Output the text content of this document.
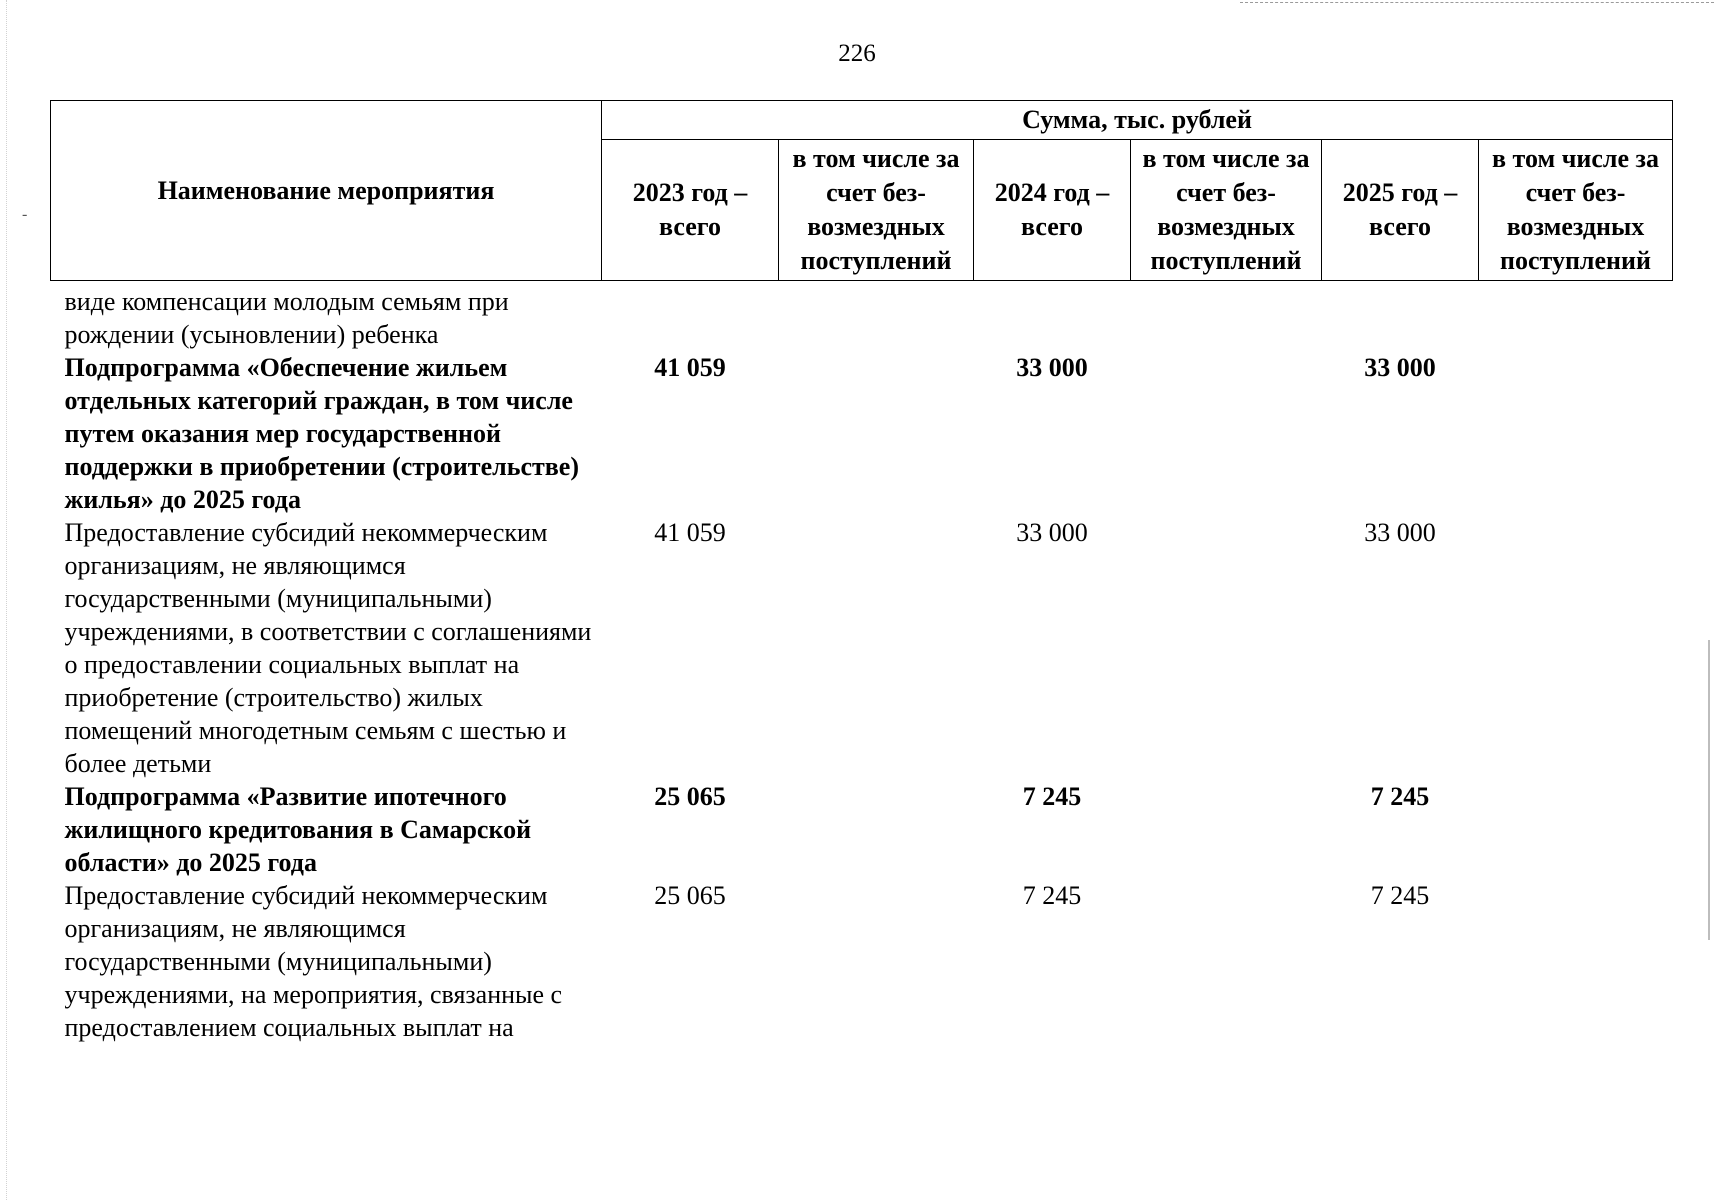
-
226
Наименование мероприятия	Сумма, тыс. рублей					
	2023 год – всего	в том числе за счет без-возмездных поступлений	2024 год – всего	в том числе за счет без-возмездных поступлений	2025 год – всего	в том числе за счет без-возмездных поступлений
виде компенсации молодым семьям при рождении (усыновлении) ребенка						
Подпрограмма «Обеспечение жильем отдельных категорий граждан, в том числе путем оказания мер государственной поддержки в приобретении (строительстве) жилья» до 2025 года	41 059		33 000		33 000	
Предоставление субсидий некоммерческим организациям, не являющимся государственными (муниципальными) учреждениями, в соответствии с соглашениями о предоставлении социальных выплат на приобретение (строительство) жилых помещений многодетным семьям с шестью и более детьми	41 059		33 000		33 000	
Подпрограмма «Развитие ипотечного жилищного кредитования в Самарской области» до 2025 года	25 065		7 245		7 245	
Предоставление субсидий некоммерческим организациям, не являющимся государственными (муниципальными) учреждениями, на мероприятия, связанные с предоставлением социальных выплат на	25 065		7 245		7 245	
